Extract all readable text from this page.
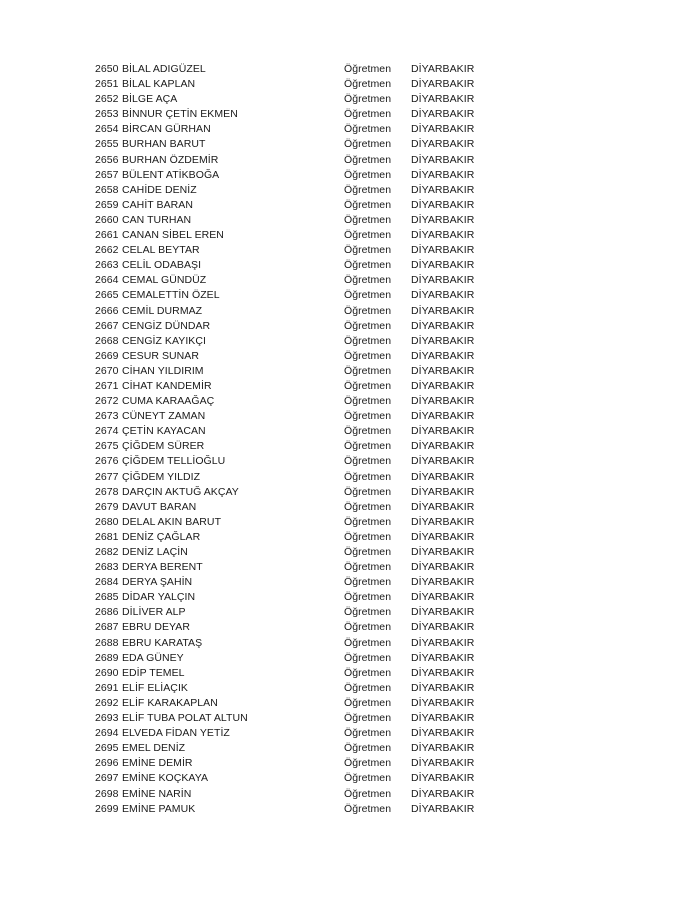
2650 BİLAL ADIGÜZEL	Öğretmen DİYARBAKIR
2651 BİLAL KAPLAN	Öğretmen DİYARBAKIR
2652 BİLGE AÇA	Öğretmen DİYARBAKIR
2653 BİNNUR ÇETİN EKMEN	Öğretmen DİYARBAKIR
2654 BİRCAN GÜRHAN	Öğretmen DİYARBAKIR
2655 BURHAN BARUT	Öğretmen DİYARBAKIR
2656 BURHAN ÖZDEMİR	Öğretmen DİYARBAKIR
2657 BÜLENT ATİKBOĞA	Öğretmen DİYARBAKIR
2658 CAHİDE DENİZ	Öğretmen DİYARBAKIR
2659 CAHİT BARAN	Öğretmen DİYARBAKIR
2660 CAN TURHAN	Öğretmen DİYARBAKIR
2661 CANAN SİBEL EREN	Öğretmen DİYARBAKIR
2662 CELAL BEYTAR	Öğretmen DİYARBAKIR
2663 CELİL ODABAŞI	Öğretmen DİYARBAKIR
2664 CEMAL GÜNDÜZ	Öğretmen DİYARBAKIR
2665 CEMALETTİN ÖZEL	Öğretmen DİYARBAKIR
2666 CEMİL DURMAZ	Öğretmen DİYARBAKIR
2667 CENGİZ DÜNDAR	Öğretmen DİYARBAKIR
2668 CENGİZ KAYIKÇI	Öğretmen DİYARBAKIR
2669 CESUR SUNAR	Öğretmen DİYARBAKIR
2670 CİHAN YILDIRIM	Öğretmen DİYARBAKIR
2671 CİHAT KANDEMİR	Öğretmen DİYARBAKIR
2672 CUMA KARAAĞAÇ	Öğretmen DİYARBAKIR
2673 CÜNEYT ZAMAN	Öğretmen DİYARBAKIR
2674 ÇETİN KAYACAN	Öğretmen DİYARBAKIR
2675 ÇİĞDEM SÜRER	Öğretmen DİYARBAKIR
2676 ÇİĞDEM TELLİOĞLU	Öğretmen DİYARBAKIR
2677 ÇİĞDEM YILDIZ	Öğretmen DİYARBAKIR
2678 DARÇIN AKTUĞ AKÇAY	Öğretmen DİYARBAKIR
2679 DAVUT BARAN	Öğretmen DİYARBAKIR
2680 DELAL AKIN BARUT	Öğretmen DİYARBAKIR
2681 DENİZ ÇAĞLAR	Öğretmen DİYARBAKIR
2682 DENİZ LAÇİN	Öğretmen DİYARBAKIR
2683 DERYA BERENT	Öğretmen DİYARBAKIR
2684 DERYA ŞAHİN	Öğretmen DİYARBAKIR
2685 DİDAR YALÇIN	Öğretmen DİYARBAKIR
2686 DİLİVER ALP	Öğretmen DİYARBAKIR
2687 EBRU DEYAR	Öğretmen DİYARBAKIR
2688 EBRU KARATAŞ	Öğretmen DİYARBAKIR
2689 EDA GÜNEY	Öğretmen DİYARBAKIR
2690 EDİP TEMEL	Öğretmen DİYARBAKIR
2691 ELİF ELİAÇIK	Öğretmen DİYARBAKIR
2692 ELİF KARAKAPLAN	Öğretmen DİYARBAKIR
2693 ELİF TUBA POLAT ALTUN	Öğretmen DİYARBAKIR
2694 ELVEDA FİDAN YETİZ	Öğretmen DİYARBAKIR
2695 EMEL DENİZ	Öğretmen DİYARBAKIR
2696 EMİNE DEMİR	Öğretmen DİYARBAKIR
2697 EMİNE KOÇKAYA	Öğretmen DİYARBAKIR
2698 EMİNE NARİN	Öğretmen DİYARBAKIR
2699 EMİNE PAMUK	Öğretmen DİYARBAKIR
